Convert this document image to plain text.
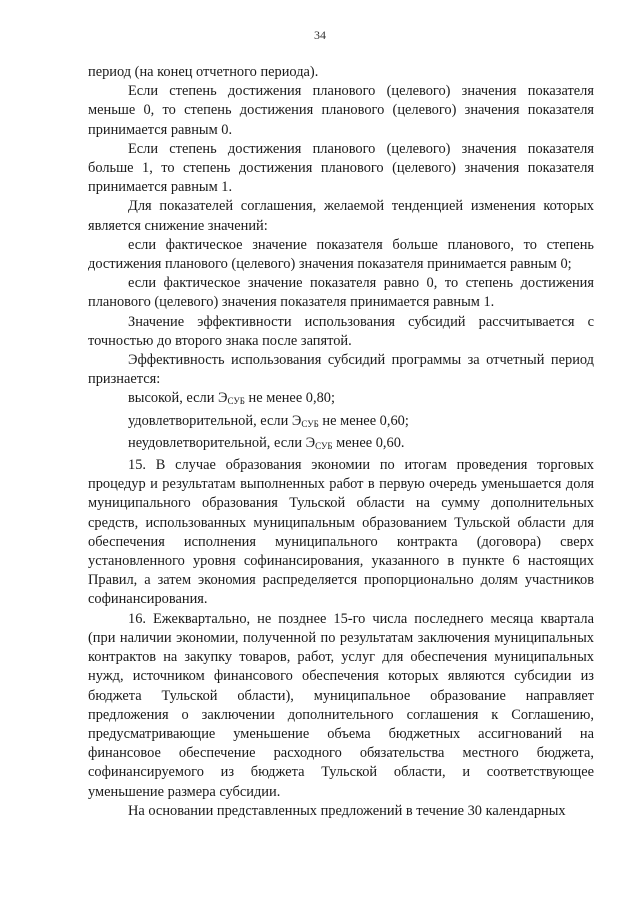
34

период (на конец отчетного периода).

Если степень достижения планового (целевого) значения показателя меньше 0, то степень достижения планового (целевого) значения показателя принимается равным 0.

Если степень достижения планового (целевого) значения показателя больше 1, то степень достижения планового (целевого) значения показателя принимается равным 1.

Для показателей соглашения, желаемой тенденцией изменения которых является снижение значений:

если фактическое значение показателя больше планового, то степень достижения планового (целевого) значения показателя принимается равным 0;

если фактическое значение показателя равно 0, то степень достижения планового (целевого) значения показателя принимается равным 1.

Значение эффективности использования субсидий рассчитывается с точностью до второго знака после запятой.

Эффективность использования субсидий программы за отчетный период признается:

высокой, если $Э_{СУБ}$ не менее 0,80;

удовлетворительной, если $Э_{СУБ}$ не менее 0,60;

неудовлетворительной, если $Э_{СУБ}$ менее 0,60.

15. В случае образования экономии по итогам проведения торговых процедур и результатам выполненных работ в первую очередь уменьшается доля муниципального образования Тульской области на сумму дополнительных средств, использованных муниципальным образованием Тульской области для обеспечения исполнения муниципального контракта (договора) сверх установленного уровня софинансирования, указанного в пункте 6 настоящих Правил, а затем экономия распределяется пропорционально долям участников софинансирования.

16. Ежеквартально, не позднее 15-го числа последнего месяца квартала (при наличии экономии, полученной по результатам заключения муниципальных контрактов на закупку товаров, работ, услуг для обеспечения муниципальных нужд, источником финансового обеспечения которых являются субсидии из бюджета Тульской области), муниципальное образование направляет предложения о заключении дополнительного соглашения к Соглашению, предусматривающие уменьшение объема бюджетных ассигнований на финансовое обеспечение расходного обязательства местного бюджета, софинансируемого из бюджета Тульской области, и соответствующее уменьшение размера субсидии.

На основании представленных предложений в течение 30 календарных
